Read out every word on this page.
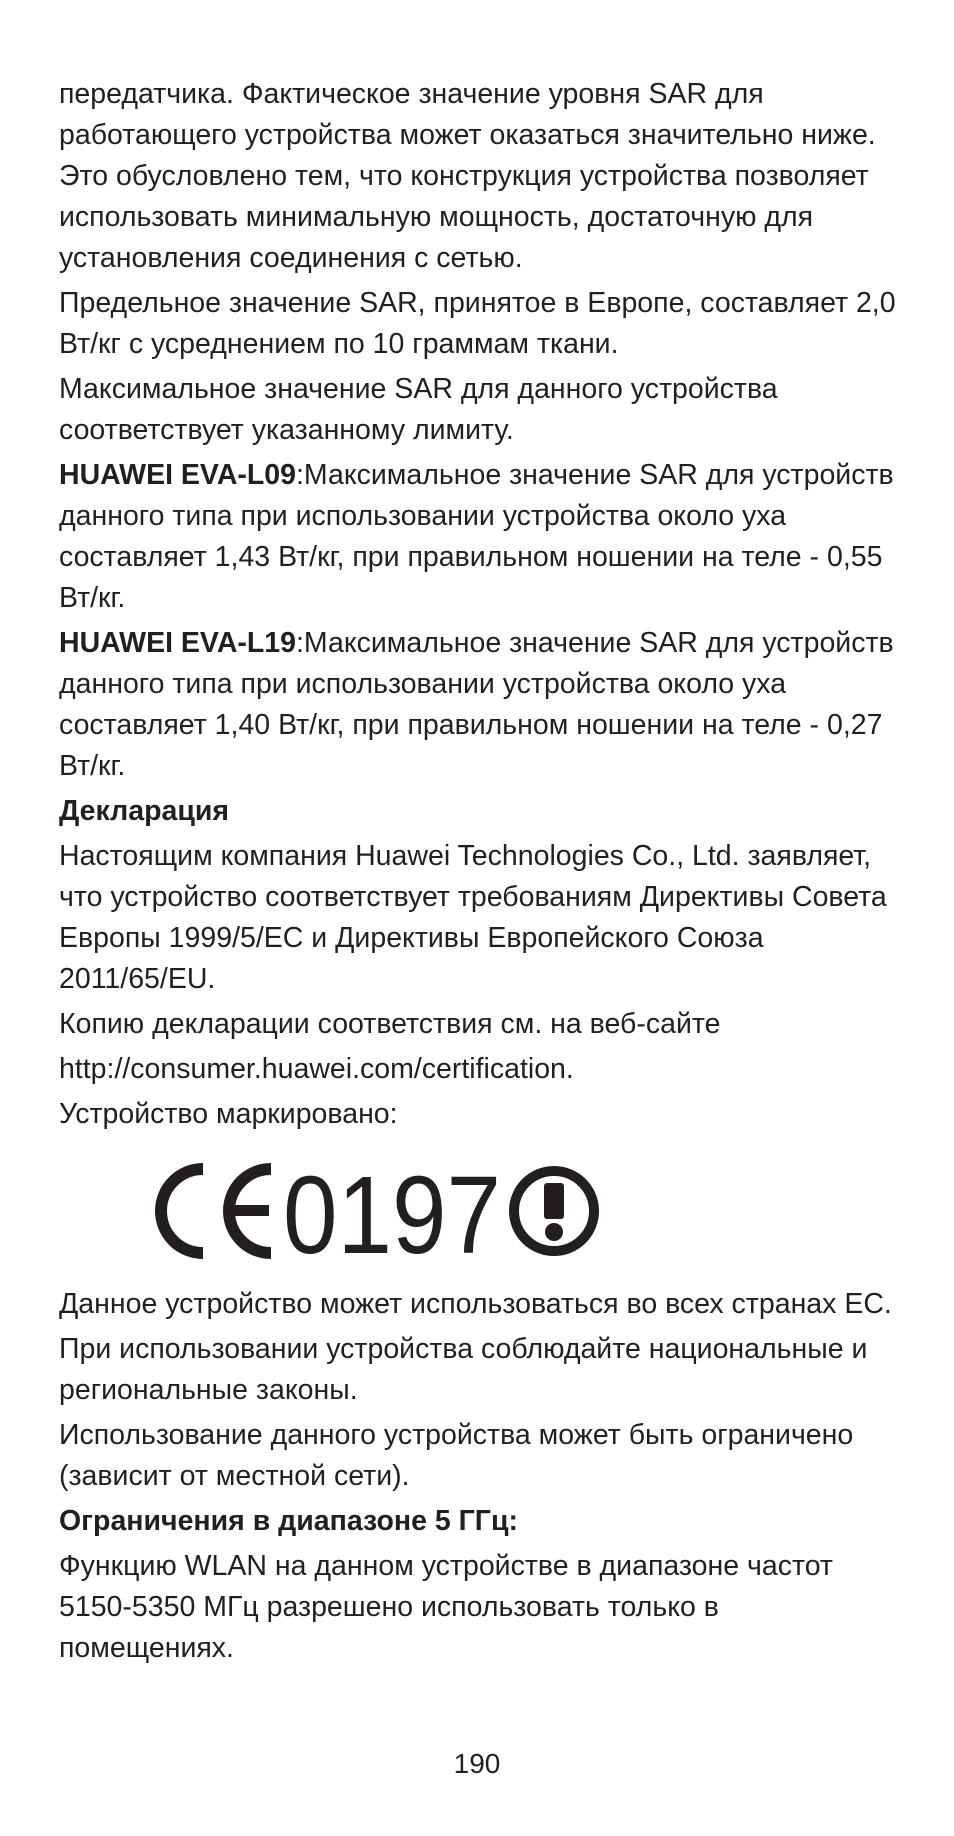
передатчика. Фактическое значение уровня SAR для работающего устройства может оказаться значительно ниже. Это обусловлено тем, что конструкция устройства позволяет использовать минимальную мощность, достаточную для установления соединения с сетью.

Предельное значение SAR, принятое в Европе, составляет 2,0 Вт/кг с усреднением по 10 граммам ткани.

Максимальное значение SAR для данного устройства соответствует указанному лимиту.

HUAWEI EVA-L09:Максимальное значение SAR для устройств данного типа при использовании устройства около уха составляет 1,43 Вт/кг, при правильном ношении на теле - 0,55 Вт/кг.

HUAWEI EVA-L19:Максимальное значение SAR для устройств данного типа при использовании устройства около уха составляет 1,40 Вт/кг, при правильном ношении на теле - 0,27 Вт/кг.

Декларация

Настоящим компания Huawei Technologies Co., Ltd. заявляет, что устройство соответствует требованиям Директивы Совета Европы 1999/5/EC и Директивы Европейского Союза 2011/65/EU.

Копию декларации соответствия см. на веб-сайте

http://consumer.huawei.com/certification.

Устройство маркировано:

0197

Данное устройство может использоваться во всех странах ЕС.

При использовании устройства соблюдайте национальные и региональные законы.

Использование данного устройства может быть ограничено (зависит от местной сети).

Ограничения в диапазоне 5 ГГц:

Функцию WLAN на данном устройстве в диапазоне частот 5150-5350 МГц разрешено использовать только в помещениях.

190
